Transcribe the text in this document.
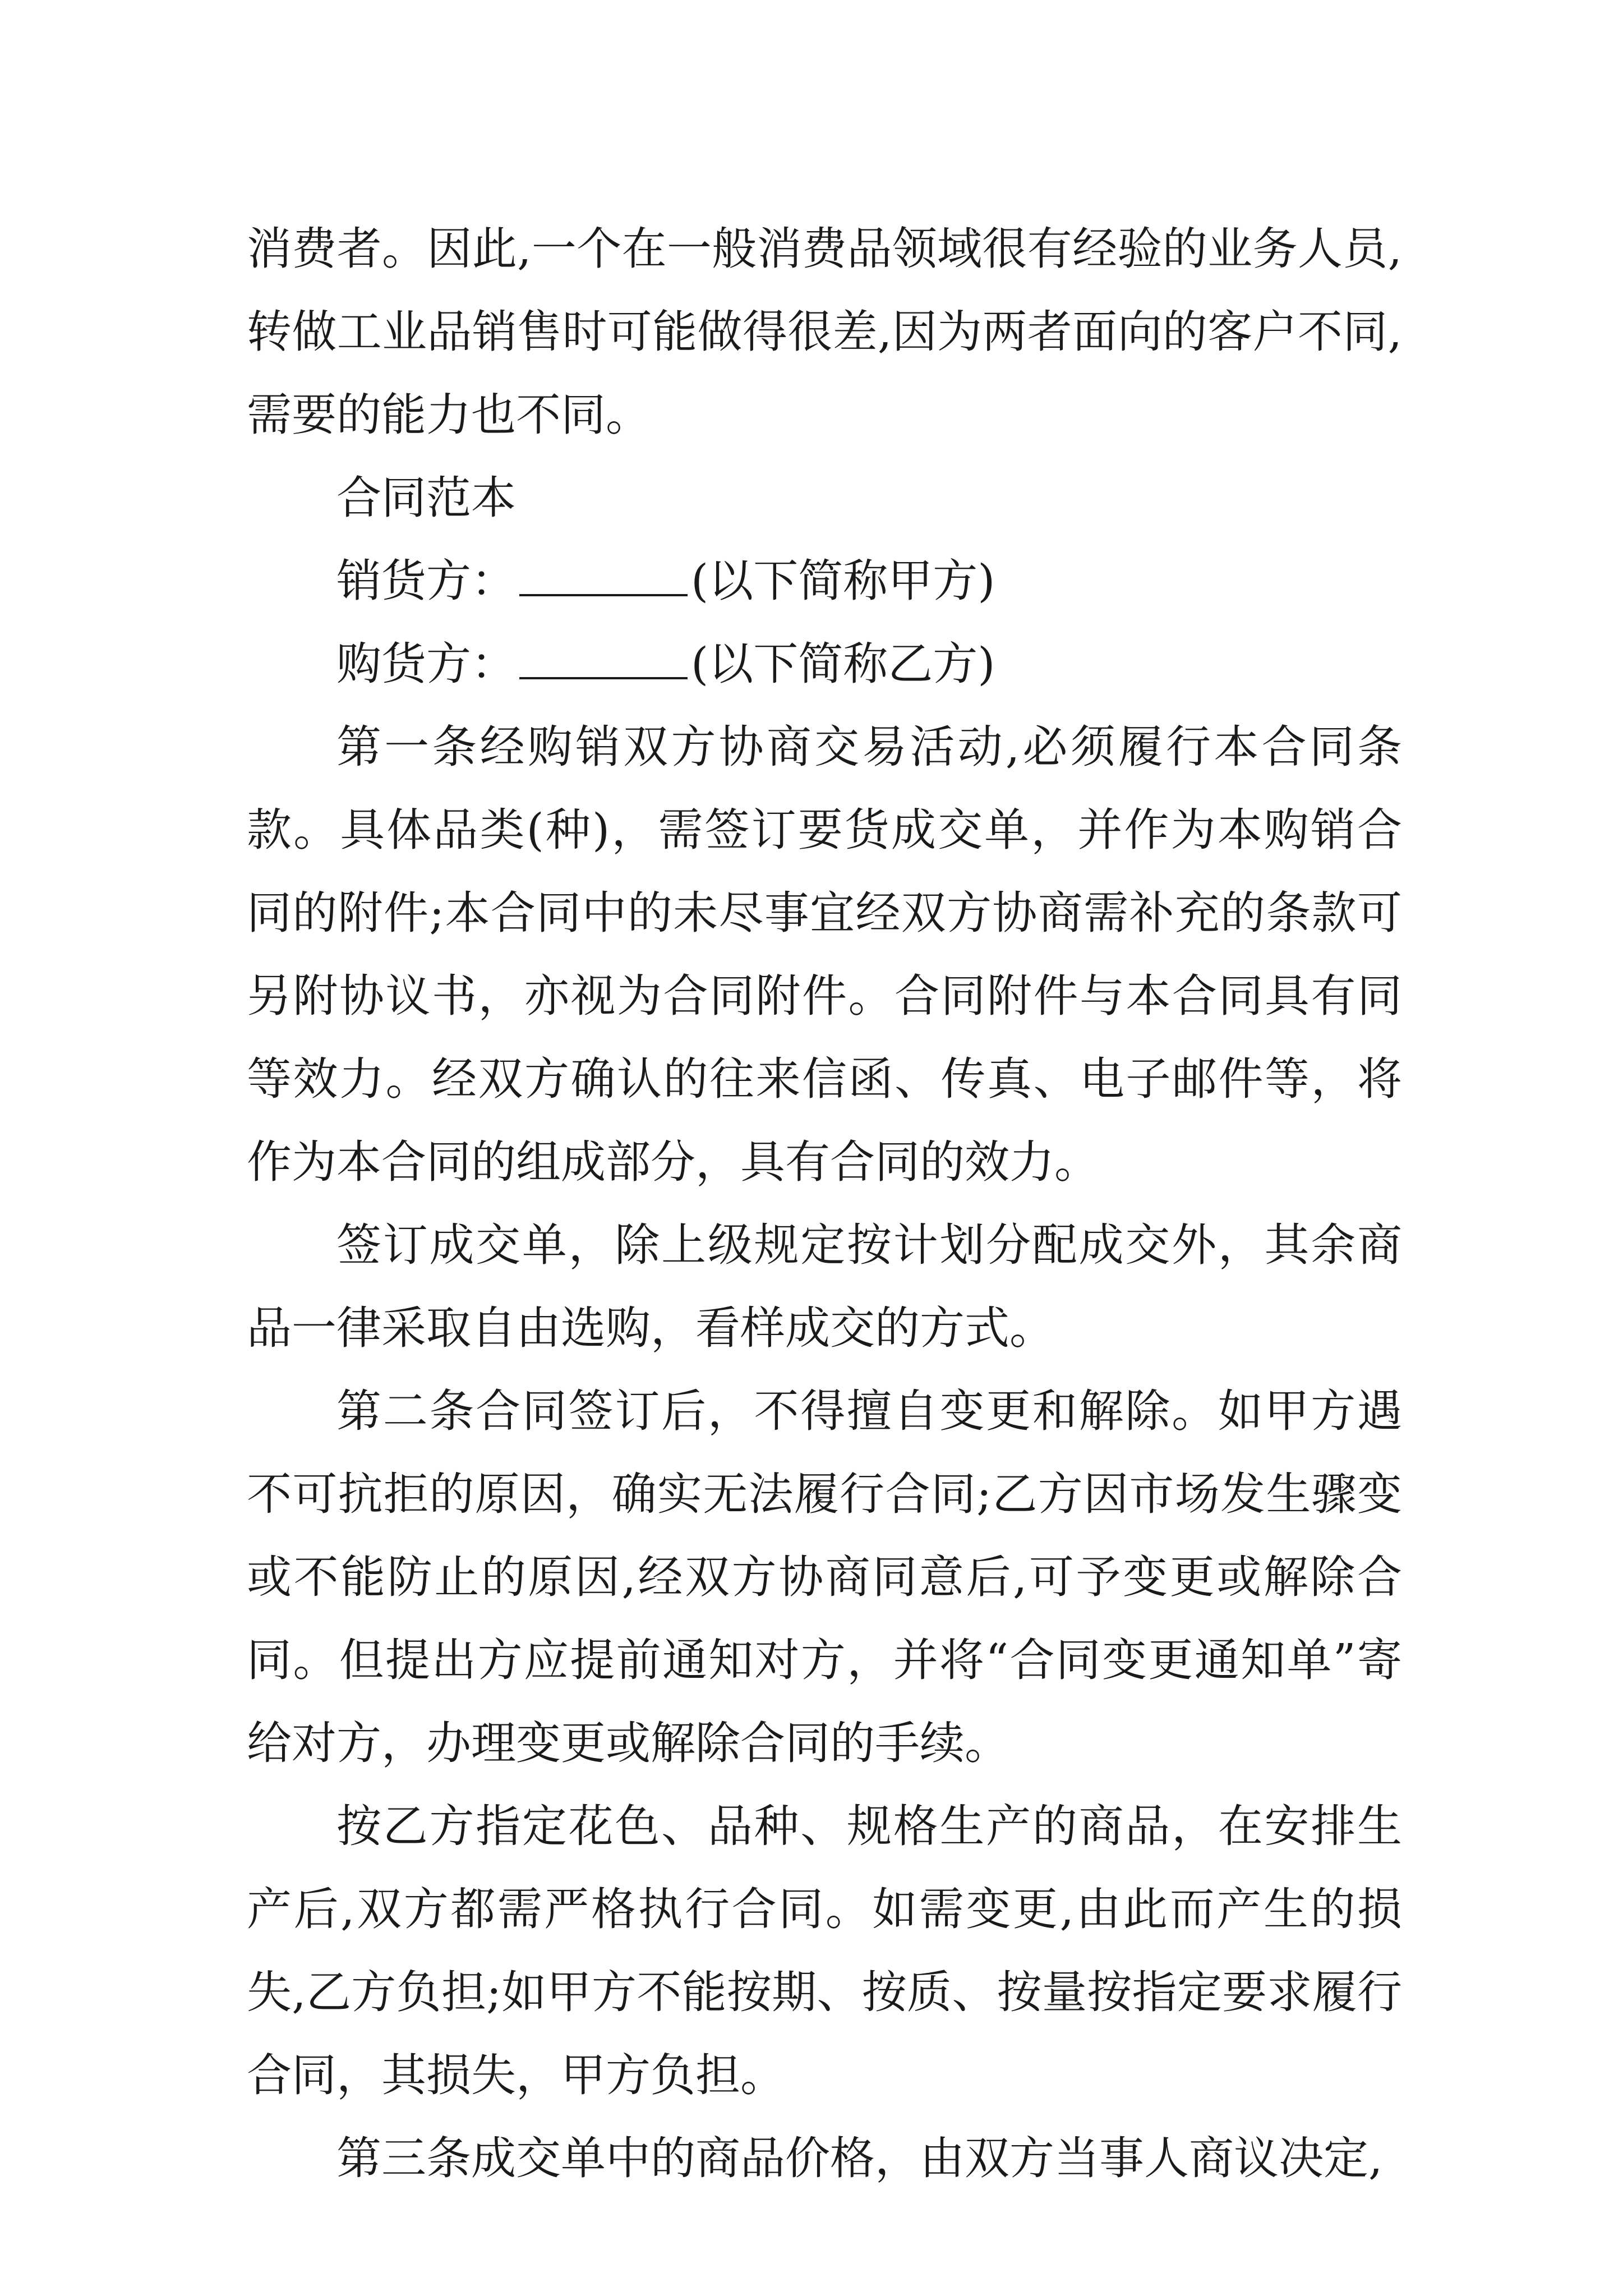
消费者。因此,一个在一般消费品领域很有经验的业务人员,转做工业品销售时可能做得很差,因为两者面向的客户不同,需要的能力也不同。

合同范本

销货方：	(以下简称甲方)

购货方：	(以下简称乙方)

第一条经购销双方协商交易活动,必须履行本合同条款。具体品类(种)，需签订要货成交单，并作为本购销合同的附件;本合同中的未尽事宜经双方协商需补充的条款可另附协议书，亦视为合同附件。合同附件与本合同具有同等效力。经双方确认的往来信函、传真、电子邮件等，将作为本合同的组成部分，具有合同的效力。

签订成交单，除上级规定按计划分配成交外，其余商品一律采取自由选购，看样成交的方式。

第二条合同签订后，不得擅自变更和解除。如甲方遇不可抗拒的原因，确实无法履行合同;乙方因市场发生骤变或不能防止的原因,经双方协商同意后,可予变更或解除合同。但提出方应提前通知对方，并将“合同变更通知单”寄给对方，办理变更或解除合同的手续。

按乙方指定花色、品种、规格生产的商品，在安排生产后,双方都需严格执行合同。如需变更,由此而产生的损失,乙方负担;如甲方不能按期、按质、按量按指定要求履行合同，其损失，甲方负担。

第三条成交单中的商品价格，由双方当事人商议决定,
